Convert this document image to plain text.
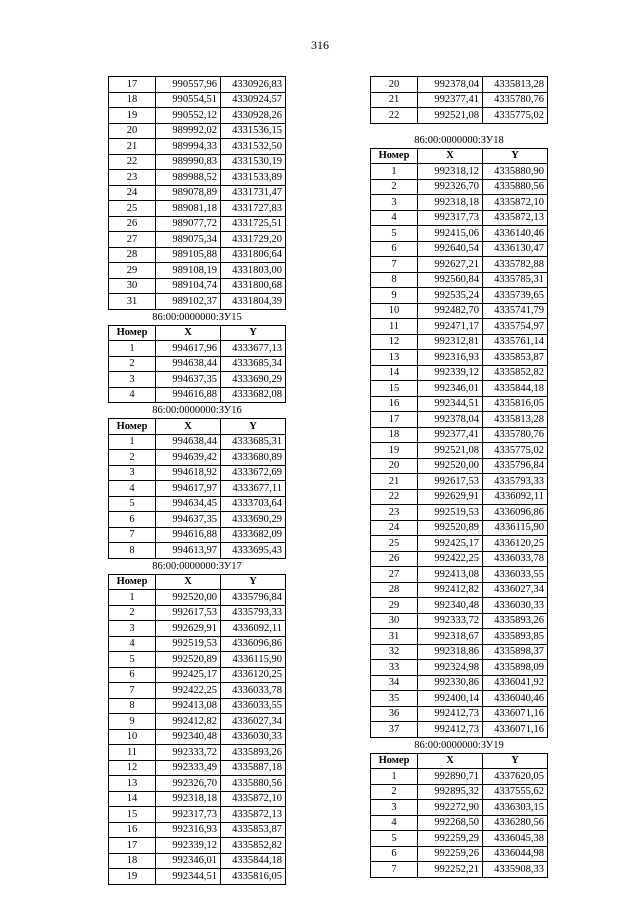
316
17	990557,96	4330926,83
18	990554,51	4330924,57
19	990552,12	4330928,26
20	989992,02	4331536,15
21	989994,33	4331532,50
22	989990,83	4331530,19
23	989988,52	4331533,89
24	989078,89	4331731,47
25	989081,18	4331727,83
26	989077,72	4331725,51
27	989075,34	4331729,20
28	989105,88	4331806,64
29	989108,19	4331803,00
30	989104,74	4331800,68
31	989102,37	4331804,39
86:00:0000000:ЗУ15		
Номер	X	Y
1	994617,96	4333677,13
2	994638,44	4333685,34
3	994637,35	4333690,29
4	994616,88	4333682,08
86:00:0000000:ЗУ16		
Номер	X	Y
1	994638,44	4333685,31
2	994639,42	4333680,89
3	994618,92	4333672,69
4	994617,97	4333677,11
5	994634,45	4333703,64
6	994637,35	4333690,29
7	994616,88	4333682,09
8	994613,97	4333695,43
86:00:0000000:ЗУ17		
Номер	X	Y
1	992520,00	4335796,84
2	992617,53	4335793,33
3	992629,91	4336092,11
4	992519,53	4336096,86
5	992520,89	4336115,90
6	992425,17	4336120,25
7	992422,25	4336033,78
8	992413,08	4336033,55
9	992412,82	4336027,34
10	992340,48	4336030,33
11	992333,72	4335893,26
12	992333,49	4335887,18
13	992326,70	4335880,56
14	992318,18	4335872,10
15	992317,73	4335872,13
16	992316,93	4335853,87
17	992339,12	4335852,82
18	992346,01	4335844,18
19	992344,51	4335816,05
20	992378,04	4335813,28
21	992377,41	4335780,76
22	992521,08	4335775,02

86:00:0000000:ЗУ18		
Номер	X	Y
1	992318,12	4335880,90
2	992326,70	4335880,56
3	992318,18	4335872,10
4	992317,73	4335872,13
5	992415,06	4336140,46
6	992640,54	4336130,47
7	992627,21	4335782,88
8	992560,84	4335785,31
9	992535,24	4335739,65
10	992482,70	4335741,79
11	992471,17	4335754,97
12	992312,81	4335761,14
13	992316,93	4335853,87
14	992339,12	4335852,82
15	992346,01	4335844,18
16	992344,51	4335816,05
17	992378,04	4335813,28
18	992377,41	4335780,76
19	992521,08	4335775,02
20	992520,00	4335796,84
21	992617,53	4335793,33
22	992629,91	4336092,11
23	992519,53	4336096,86
24	992520,89	4336115,90
25	992425,17	4336120,25
26	992422,25	4336033,78
27	992413,08	4336033,55
28	992412,82	4336027,34
29	992340,48	4336030,33
30	992333,72	4335893,26
31	992318,67	4335893,85
32	992318,86	4335898,37
33	992324,98	4335898,09
34	992330,86	4336041,92
35	992400,14	4336040,46
36	992412,73	4336071,16
37	992412,73	4336071,16
86:00:0000000:ЗУ19		
Номер	X	Y
1	992890,71	4337620,05
2	992895,32	4337555,62
3	992272,90	4336303,15
4	992268,50	4336280,56
5	992259,29	4336045,38
6	992259,26	4336044,98
7	992252,21	4335908,33
